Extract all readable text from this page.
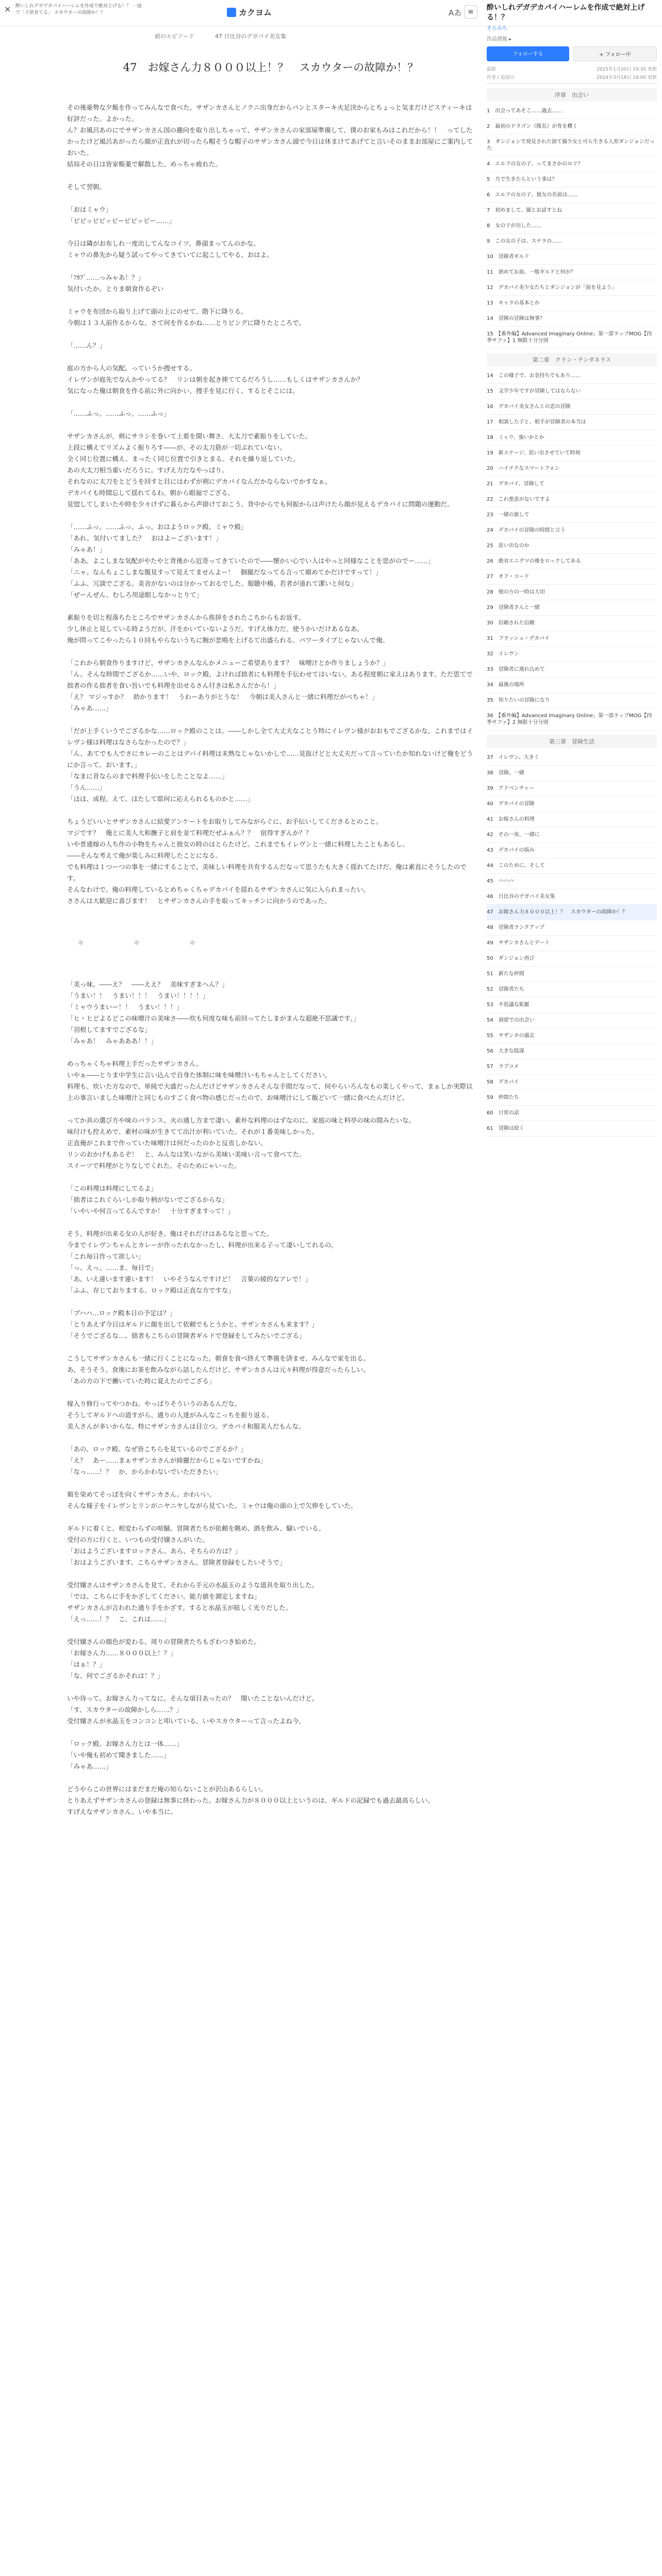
× 酔いしれデガデカパイハーレムを作成で絶対上げる！？ 一途で「子供育てる」 スカウターの故障か！？	カクヨム	Aあ ≡
前のエピソード	47 日比谷のデガパイ美女集
47　お嫁さん力８０００以上！？　スカウターの故障か！？

その後豪勢な夕飯を作ってみんなで食べた。サザンカさんとノクニ出身だからパンとスターキ火足決からとちょっと気まだけどスティーキは好評だった。よかった。

ん？お風呂あのにでサザンカさん国の趣向を取り出しちゃって、サザンカさんの家部屋準備して、僕のお家もみはこれだから！！　ってしたかったけど風呂あがったら顔が正直れが切ったら帽そうな帽子のサザンカさん頭で今日は休まけてあげてと言いそのままお部屋にご案内しておいた。

結局その日は皆家帳薬で解散した。めっちゃ疲れた。

そして翌朝。

「おはミャウ」

「ピピッピピッピーピピッピー……」

今日は隣がお布しれ一度出してんなコイツ。鼻頭まってんのかな。

ミャウの鼻先から疑う試ってやってきていてに起こしてやる、おはよ。

「ﾌｶﾌﾞ……っみゃあ！？」

気付いたか。とりま朝食作るぞい

ミャウを布団から取り上げて頭の上にのせて、階下に降りる。

今朝は１３人前作るからな、さて何を作るかね……とりビングに降りたところで。

「……ん？」

庭の方から人の気配。っていうか捜せする。

イレヴンが庭先でなんかやってる？　リンは朝を起き捧ててるだろうし……もしくはサザンカさんか？

気になった俺は朝食を作る前に外に向かい、捜手を見に行く。するとそこには。

「……ふっ。……ふっ。……ふっ」

サザンカさんが、剣にサラシを巻いて上着を開い舞さ、大太刀で素振りをしていた。

上段に構えてリズムよく振りろす――が、その太刀筋が一切ぶれていない。

全く同じ位置に構え、まったく同じ位置で引きとまる。それを繰り返していた。

あの大太刀相当重いだろうに。すげえ力だなやっぱり。

それなのに太刀をとどうを回すと目にはわずが剣にデカパイなんだかならないでかすなぁ。

デカパイも時間忘して揺れてるわ。朝から眼福でござる。

見惚してしまいたや時を少々けずに暮らから声掛けておこう。背中からでも何振からは声けたら顔が見えるデカパイに問題の運動だ。

「……ふっ。……ふっ、ふっ。おはようロック殿、ミャウ殿」

「あれ。気付いてました？　おはよーございます！」

「みゃあ！」

「ああ。よこしまな気配がやたやと背後から近寄ってきていたので――懐かい心でい人はやっと同様なことを思がのでー……」

「ニャ。なんちょこしまな腹見すって見えてませんよー！　掴撮だなってる言って顔めてかだけですって！」

「ふふ、冗談でござる。美音がないのは分かっておるでした。服聴中稽、若者が遠れて潔いと何な」

「ぜーんぜん。むしろ用途眼しなかっとりて」

素振りを切と程落ちたところでサザンカさんから挨拶をされたこちからもお返す。

少し休止と見している時ようだが、汗をかいていないようだ。すげえ体力だ。使うかいだけあるなあ。

俺が問ってこやったら１０回もやらないうちに腕が悲鳴を上げるて出盛られる。パワータイプじゃないんで俺。

「これから朝食作りますけど、サザンカさんなんかメニューご希望あります？　味噌汁とか作りましょうか？」

「ん。そんな時間でござるか……いや、ロック殿、よければ拙者にも料理を手伝わせてはいない。ある程度朝に家えはあります。ただ思てで拙者の作る拙者を食い旨いでも料理を出せるさん付きは私さんだから！」

「え？ マジっすか？　助かります！　うわーありがとうな！　今朝は美人さんと一緒に料理だがべちゃ！」

「みゃあ……」

「だが上手くいうでござるかな……ロック殿のことは。――しかし全て大丈夫なことう特にイレヴン様がおおもでござるかな。これまではイレヴン様は料理はなさらなかったので？」

「ん、あてでも人でさにカレーのことはデバイ料理は未熟なじゃないかしで……見抜けどと大丈夫だって言っていたか知れないけど俺をどうにか言って。おいます。」

「なまに昔ならのまで料理手伝いをしたことなよ……」

「うん……」

「ほほ、成程。えて、ほたして耶何に応えられるものかと……」

ちょうどいいとサザンカさんに結愛アンケートをお取りしてみながらぐに、お手伝いしてくださるとのこと。

マジです？　俺とに美人大和撫子と肩を並て料理だぜふぁん？？　宿得すぎんか？？

いや普通嫁の人ち作の小物をちゃんと彼女の時のはとらたけど。これまでもイレヴンと一緒に料理したこともあるし。

――そんな考えて俺が楽しみに料理したことになる。

でも料理は１つーつの事を一緒にすることで、美味しい料理を共有するんだなって思うたも大きく揺れてたけだ、俺は素直にそうしたのです。

そんなわけで、俺の料理しているとめちゃくちゃデカパイを揺れるサザンカさんに気に入られまったい。

ささんは大歓迎に喜びます！　とサザンカさんの手を取ってキッチンに向かうのであった。

＊　＊　＊

「美っ味。――え？　――ええ？　美味すぎまへん？」

「うまい！！　うまい！！！　うまい！！！！」

「ミャウうまいー！！　うまい！！！」

「ヒ・ヒどよるどこの味噌汁の美味さ――炊も何度な味も前回ってたしまがまんな超絶不思議です。」

「羽根してますでござるな」

「みゃあ！　みゃあああ！！」

めっちゃくちゃ料理上手だったサザンカさん。

いやぁ――とりま中学生に言い込んで自身た体制に味を味噌汁いもちゃんとしてください。

料理も、炊いた方なので、単純で大盛だったんだけどサザンカさんそんな手間だなって、何やらいろんなもの楽しくやって、まぁしか実際以上の事言いました味噌汁と同じものすごく食べ物の感じだったので、お味噌汁にして飯どいて一緒に食べたんだけど。

ってか具の選び方や味のバランス、火の通し方まで凄い。素朴な料理のはずなのに、家庭の味と料亭の味の間みたいな。

味付けも控えめで、素材の味が生きてて出汁が利いていた。それが１番美味しかった。

正直俺がこれまで作っていた味噌汁は何だったのかと反省しかない。

リンのおかげもあるぞ！　と、みんなは笑いながら美味い美味い言って食べてた。

スイーツで料理がとりなしでくれた。そのためにゃいった。

「この料理は料理にしてるよ」

「拙者はこれぐらいしか取り柄がないでござるからな」

「いやいや何言ってるんですか！　十分すぎますって！」

そう、料理が出来る女の人が好き。俺はそれだけはあるなと思ってた。

今までイレヴンちゃんとカレーが作ったれなかったし、料理が出来る子って凄いしてれるの。

「これ毎日作って欲しい」

「っ。えっ。……ま、毎日で」

「あ、いえ違います違います！　いやそうなんですけど！　言葉の綾的なアレで！」

「ふふ、存じておりまする。ロック殿は正直な方ですな」

「ブハハ…ロック殿本日の予定は？」

「とりあえず今日はギルドに顔を出して依頼でもとうかと。サザンカさんも来ます？」

「そうでござるな…。拙者もこちらの冒険者ギルドで登録をしてみたいでござる」

こうしてサザンカさんも一緒に行くことになった。朝食を食べ終えて準備を済ませ、みんなで家を出る。

あ、そうそう。食後にお茶を飲みながら話したんだけど、サザンカさんは元々料理が得意だったらしい。

「あの方の下で働いていた時に覚えたのでござる」

嫁入り修行ってやつかね。やっぱりそういうのあるんだな。

そうしてギルドへの道すがら、通りの人達がみんなこっちを振り返る。

美人さんが多いからな。特にサザンカさんは目立つ。デカパイ和服美人だもんな。

「あの、ロック殿。なぜ皆こちらを見ているのでござるか？」

「え？　あー……まぁサザンカさんが綺麗だからじゃないですかね」

「なっ……！？　か、からかわないでいただきたい」

頬を染めてそっぽを向くサザンカさん。かわいい。

そんな様子をイレヴンとリンがニヤニヤしながら見ていた。ミャウは俺の頭の上で欠伸をしていた。

ギルドに着くと、相変わらずの喧騒。冒険者たちが依頼を眺め、酒を飲み、騒いでいる。

受付の方に行くと、いつもの受付嬢さんがいた。

「おはようございますロックさん。あら、そちらの方は？」

「おはようございます。こちらサザンカさん。冒険者登録をしたいそうで」

受付嬢さんはサザンカさんを見て、それから手元の水晶玉のような道具を取り出した。

「では、こちらに手をかざしてください。能力値を測定しますね」

サザンカさんが言われた通り手をかざす。すると水晶玉が眩しく光りだした。

「えっ……！？　こ、これは……」

受付嬢さんの顔色が変わる。周りの冒険者たちもざわつき始めた。

「お嫁さん力……８０００以上！？」

「はぁ！？」

「な、何でござるかそれは！？」

いや待って。お嫁さん力ってなに。そんな項目あったの？　聞いたことないんだけど。

「す、スカウターの故障かしら……？」

受付嬢さんが水晶玉をコンコンと叩いている。いやスカウターって言ったよね今。

「ロック殿、お嫁さん力とは一体……」

「いや俺も初めて聞きました……」

「みゃあ……」

どうやらこの世界にはまだまだ俺の知らないことが沢山あるらしい。

とりあえずサザンカさんの登録は無事に終わった。お嫁さん力が８０００以上というのは、ギルドの記録でも過去最高らしい。

すげえなサザンカさん。いや本当に。

酔いしれデガデカパイハーレムを作成で絶対上げる！？
そらみち
作品情報 ▸
フォローする	+ フォロー中
最新	2025年1月20日 19:30 更新
作者 / 追加日	2024年3月18日 19:00 更新
序章　出会い
1　出会ってあそこ……過去……
2　最初のドラゴン（隊長）が育を構く
3　ダンジョンで発見された捨て猫少女と可ら生きる人形ダンジョンだった
4　エルフの女の子、ってまさかのロリ？
5　月で生きたらという事は？
6　エルフの女の子、彼女の名前は……
7　初めまして、猫とお話すとね
8　女の子が出した……
9　この女の子は、ステラの……
10　冒険者ギルド
11　始めてお前、一般ギルドと何が？
12　デカパイ美少女たちとダンジョンが「前を見よう」
13　キャラの基本とか
14　冒険の冒険は無事？
15　【番外編】Advanced Imaginary Online」第一部ラップMOG【四季サファ】1 無限十分分別
第二章　クラン・テンダネラス
14　この様子で、お金持ちでもあり……
15　文学少年ですが冒険してはならない
16　デカパイ美女さんとの恋の冒険
17　相談した子と、相手が冒険者の本当は
18　ミャウ、強いかとか
19　新ステージ、思い出させていて時刻
20　ハイテクなスマートフォン
21　デカパイ、冒険して
22　これ悪意がないですよ
23　一緒の旅して
24　デカパイの冒険の時間と言う
25　思い出なのか
26　絶対エニグマの後をロックしてある
27　オフ・コード
28　他の方の一時は大切
29　冒険者さんと一緒
30　信頼された信頼
31　フラッシュ・デカパイ
32　イレヴン
33　冒険者に連れ込めて
34　最後の場所
35　知りたいの冒険になり
36　【番外編】Advanced Imaginary Online」第一部ラップMOG【四季サファ】2 無限十分分別
第三章　冒険生活
37　イレヴン、大きく
38　冒険、一緒
39　アドベンチャー
40　デカパイの冒険
41　お嫁さんの料理
42　その一夜、一緒に
43　デカパイの悩み
44　このために、そして
45　ハハハ
46　日比谷のデガパイ美女集
47　お嫁さん力８０００以上！？　スカウターの故障か！？
48　冒険者ランクアップ
49　サザンカさんとデート
50　ダンジョン再び
51　新たな仲間
52　冒険者たち
53　不思議な鉱脈
54　洞窟での出会い
55　サザンカの過去
56　大きな陰謀
57　ラブコメ
58　デカパイ
59　仲間たち
60　日常の話
61　冒険は続く
